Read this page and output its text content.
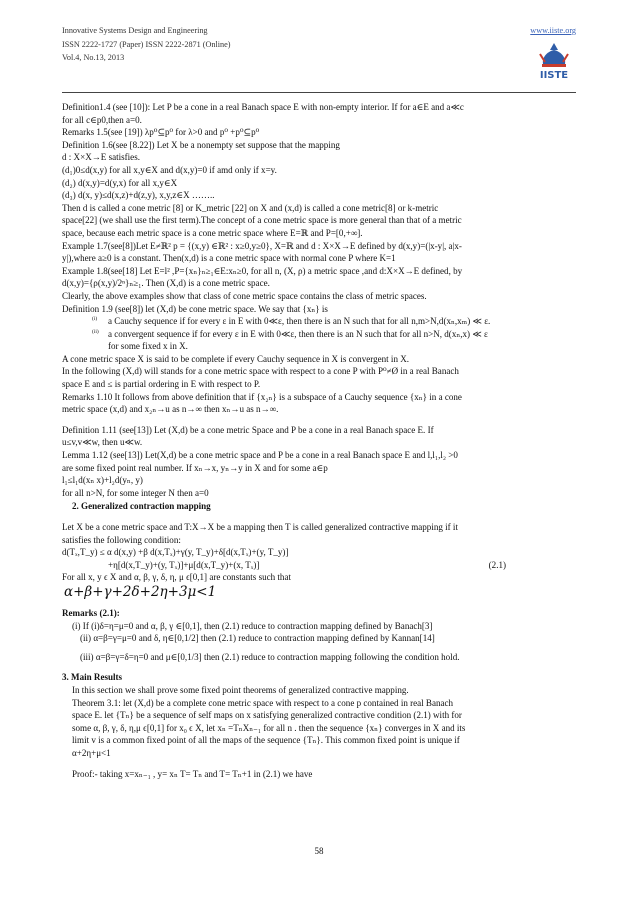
Innovative Systems Design and Engineering
ISSN 2222-1727 (Paper) ISSN 2222-2871 (Online)
Vol.4, No.13, 2013
www.iiste.org
IISTE

Definition1.4 (see [10]): Let P be a cone in a real Banach space E with non-empty interior. If for a∈E and a≪c

for all c∈p0,then a=0.

Remarks 1.5(see [19]) λp⁰⊆p⁰ for λ>0 and p⁰ +p⁰⊆p⁰

Definition 1.6(see [8.22]) Let X be a nonempty set suppose that the mapping

d : X×X→E satisfies.

(d₁)0≤d(x,y) for all x,y∈X and d(x,y)=0 if amd only if x=y.

(d₂) d(x,y)=d(y,x) for all x,y∈X

(d₃) d(x, y)≤d(x,z)+d(z,y), x,y,z∈X ……..

Then d is called a cone metric [8] or K_metric [22] on X and (x,d) is called a cone metric[8] or k-metric

space[22] (we shall use the first term).The concept of a cone metric space is more general than that of a metric

space, because each metric space is a cone metric space where E=ℝ and P=[0,+∞].

Example 1.7(see[8])Let E≠ℝ² p = {(x,y) ∈ℝ² : x≥0,y≥0}, X=ℝ and d : X×X→E defined by d(x,y)=(|x-y|, a|x-

y|),where a≥0 is a constant. Then(x,d) is a cone metric space with normal cone P where K=1

Example 1.8(see[18] Let E=l² ,P={xₙ}ₙ≥₁∈E:xₙ≥0, for all n, (X, ρ) a metric space ,and d:X×X→E defined, by

d(x,y)={ρ(x,y)/2ⁿ}ₙ≥₁. Then (X,d) is a cone metric space.

Clearly, the above examples show that class of cone metric space contains the class of metric spaces.

Definition 1.9 (see[8]) let (X,d) be cone metric space. We say that {xₙ} is

(i) a Cauchy sequence if for every ε in E with 0≪ε, then there is an N such that for all n,m>N,d(xₙ,xₘ) ≪ ε.

(ii) a convergent sequence if for every ε in E with 0≪ε, then there is an N such that for all n>N, d(xₙ,x) ≪ ε

for some fixed x in X.

A cone metric space X is said to be complete if every Cauchy sequence in X is convergent in X.

In the following (X,d) will stands for a cone metric space with respect to a cone P with P⁰≠Ø in a real Banach

space E and ≤ is partial ordering in E with respect to P.

Remarks 1.10 It follows from above definition that if {x₂ₙ} is a subspace of a Cauchy sequence {xₙ} in a cone

metric space (x,d) and x₂ₙ→u as n→∞ then xₙ→u as n→∞.

Definition 1.11 (see[13]) Let (X,d) be a cone metric Space and P be a cone in a real Banach space E. If

u≤v,v≪w, then u≪w.

Lemma 1.12 (see[13]) Let(X,d) be a cone metric space and P be a cone in a real Banach space E and l,l₁,l₂ >0

are some fixed point real number. If xₙ→x, yₙ→y in X and for some a∈p

l₁≤l₁d(xₙ x)+l₂d(yₙ, y)

for all n>N, for some integer N then a=0

2. Generalized contraction mapping

Let X be a cone metric space and T:X→X be a mapping then T is called generalized contractive mapping if it

satisfies the following condition:

d(Tₓ,T_y) ≤ α d(x,y) +β d(x,Tₓ)+γ(y, T_y)+δ[d(x,Tₓ)+(y, T_y)]

+η[d(x,T_y)+(y, Tₓ)]+μ[d(x,T_y)+(x, Tₓ)]	(2.1)

For all x, y ϵ X and α, β, γ, δ, η, μ ϵ[0,1] are constants such that

α+β+γ+2δ+2η+3μ<1

Remarks (2.1):

(i) If (i)δ=η=μ=0 and α, β, γ ∈[0,1], then (2.1) reduce to contraction mapping defined by Banach[3]

(ii) α=β=γ=μ=0 and δ, η∈[0,1/2] then (2.1) reduce to contraction mapping defined by Kannan[14]

(iii) α=β=γ=δ=η=0 and μ∈[0,1/3] then (2.1) reduce to contraction mapping following the condition hold.

3. Main Results

In this section we shall prove some fixed point theorems of generalized contractive mapping.

Theorem 3.1: let (X,d) be a complete cone metric space with respect to a cone p contained in real Banach

space E. let {Tₙ} be a sequence of self maps on x satisfying generalized contractive condition (2.1) with for

some α, β, γ, δ, η,μ ϵ[0,1] for x₀ ϵ X, let xₙ =TₙXₙ₋₁ for all n . then the sequence {xₙ} converges in X and its

limit v is a common fixed point of all the maps of the sequence {Tₙ}. This common fixed point is unique if

α+2η+μ<1

Proof:- taking x=xₙ₋₁ , y= xₙ T= Tₙ and T= Tₙ+1 in (2.1) we have

58
